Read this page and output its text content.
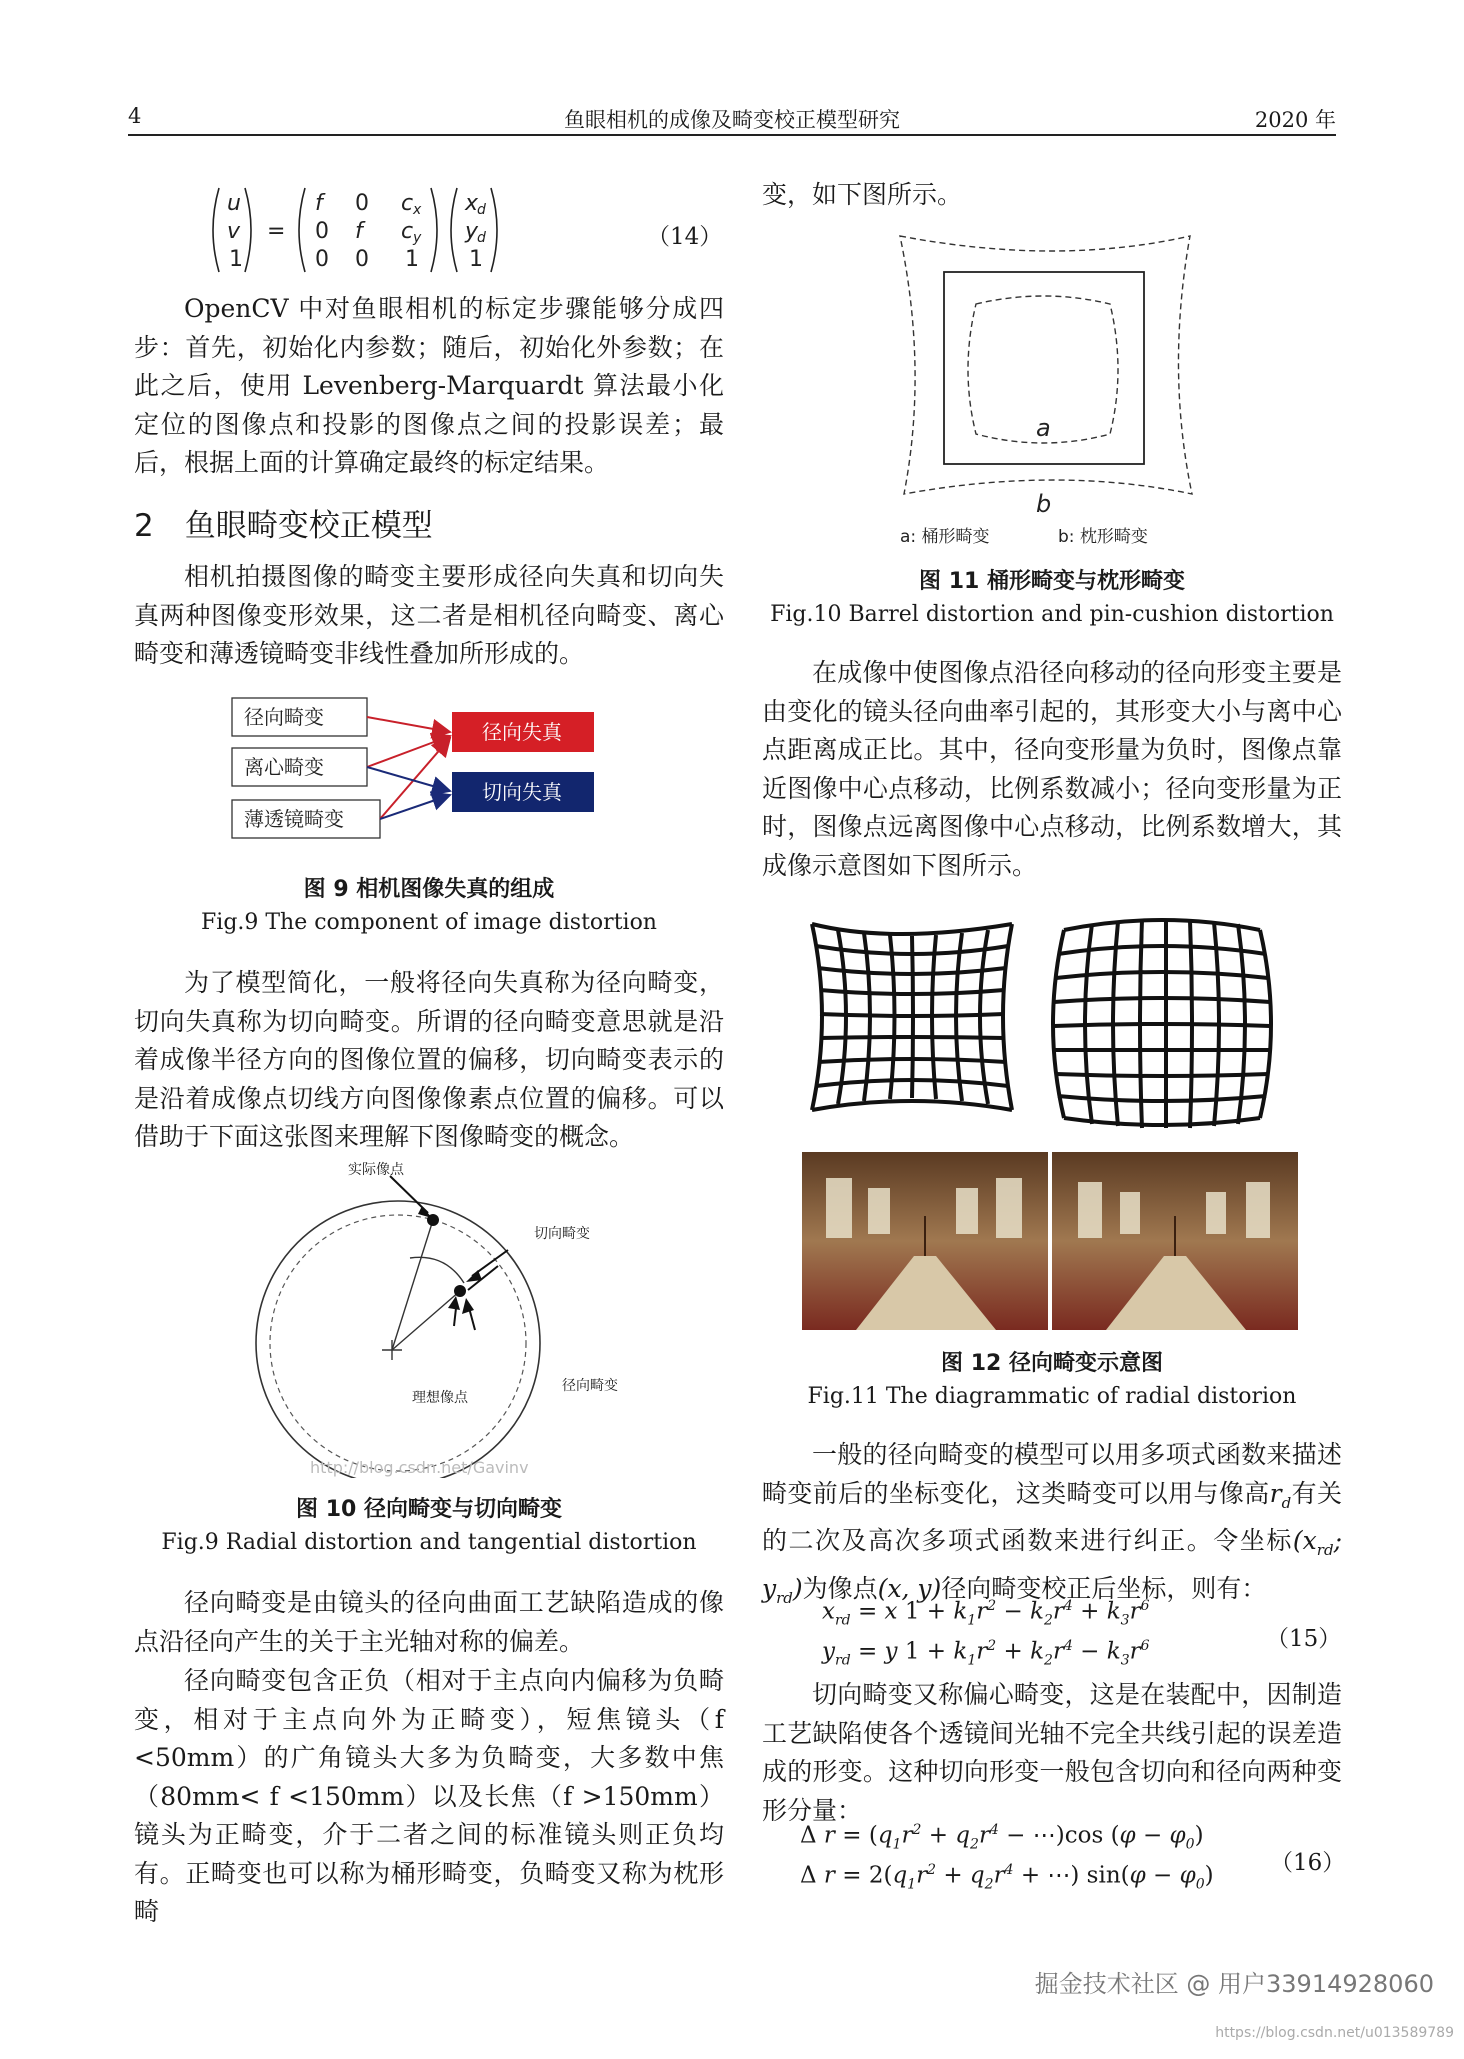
4	鱼眼相机的成像及畸变校正模型研究	2020 年
u
v
1
=
f 0 c x
0 f c y
0 0 1
x
d
y
d
1
（14）
OpenCV 中对鱼眼相机的标定步骤能够分成四步：首先，初始化内参数；随后，初始化外参数；在此之后，使用 Levenberg-Marquardt 算法最小化定位的图像点和投影的图像点之间的投影误差；最后，根据上面的计算确定最终的标定结果。
2　鱼眼畸变校正模型
相机拍摄图像的畸变主要形成径向失真和切向失真两种图像变形效果，这二者是相机径向畸变、离心畸变和薄透镜畸变非线性叠加所形成的。
径向畸变
离心畸变
薄透镜畸变
径向失真
切向失真
图 9 相机图像失真的组成
Fig.9 The component of image distortion
为了模型简化，一般将径向失真称为径向畸变，切向失真称为切向畸变。所谓的径向畸变意思就是沿着成像半径方向的图像位置的偏移，切向畸变表示的是沿着成像点切线方向图像像素点位置的偏移。可以借助于下面这张图来理解下图像畸变的概念。
实际像点
切向畸变
径向畸变
理想像点
http://blog.csdn.net/Gavinv
图 10 径向畸变与切向畸变
Fig.9 Radial distortion and tangential distortion
径向畸变是由镜头的径向曲面工艺缺陷造成的像点沿径向产生的关于主光轴对称的偏差。
径向畸变包含正负（相对于主点向内偏移为负畸变，相对于主点向外为正畸变），短焦镜头（f <50mm）的广角镜头大多为负畸变，大多数中焦（80mm< f <150mm）以及长焦（f >150mm）镜头为正畸变，介于二者之间的标准镜头则正负均有。正畸变也可以称为桶形畸变，负畸变又称为枕形畸
变，如下图所示。
a
b
a: 桶形畸变	b: 枕形畸变
图 11 桶形畸变与枕形畸变
Fig.10 Barrel distortion and pin-cushion distortion
在成像中使图像点沿径向移动的径向形变主要是由变化的镜头径向曲率引起的，其形变大小与离中心点距离成正比。其中，径向变形量为负时，图像点靠近图像中心点移动，比例系数减小；径向变形量为正时，图像点远离图像中心点移动，比例系数增大，其成像示意图如下图所示。
图 12 径向畸变示意图
Fig.11 The diagrammatic of radial distorion
一般的径向畸变的模型可以用多项式函数来描述畸变前后的坐标变化，这类畸变可以用与像高$r_d$有关的二次及高次多项式函数来进行纠正。令坐标($x_{rd}$; $y_{rd}$)为像点(x, y)径向畸变校正后坐标，则有：
$x_{rd} = x$ $1 + k_1r^2 - k_2r^4 + k_3r^6$
$y_{rd} = y$ $1 + k_1r^2 + k_2r^4 - k_3r^6$	（15）
切向畸变又称偏心畸变，这是在装配中，因制造工艺缺陷使各个透镜间光轴不完全共线引起的误差造成的形变。这种切向形变一般包含切向和径向两种变形分量：
Δ $r = (q_1r^2 + q_2r^4$ − ⋯)cos $(\varphi - \varphi_0)$
Δ $r = 2(q_1r^2 + q_2r^4$ + ⋯) $\sin(\varphi - \varphi_0)$ （16）
掘金技术社区 @ 用户3391492806​0
https://blog.csdn.net/u013589789
